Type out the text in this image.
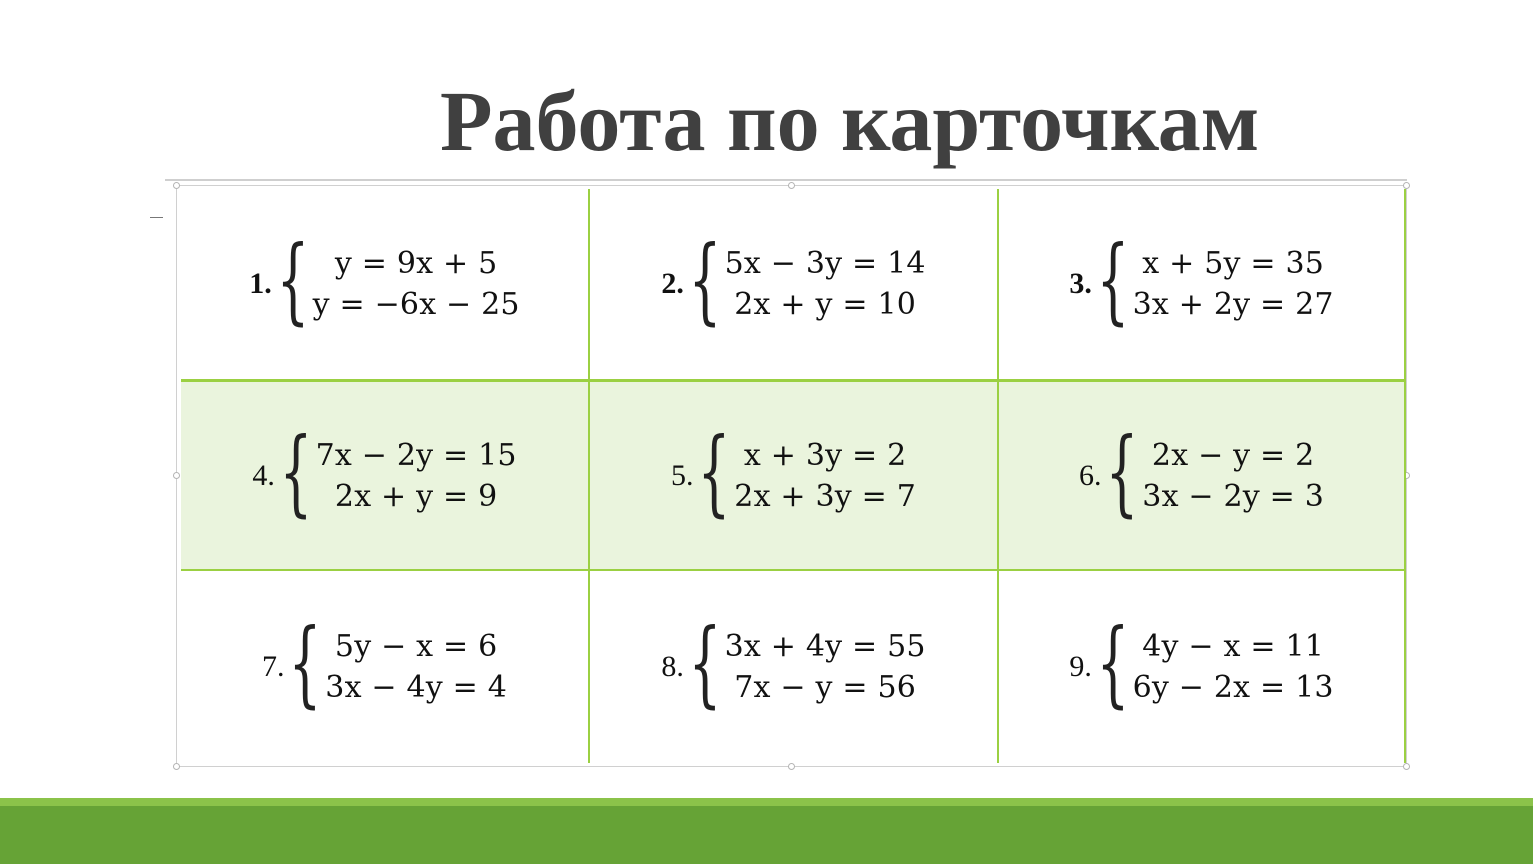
Работа по карточкам
1. { y = 9x + 5
y = −6x − 25
2. { 5x − 3y = 14
2x + y = 10
3. { x + 5y = 35
3x + 2y = 27
4. { 7x − 2y = 15
2x + y = 9
5. { x + 3y = 2
2x + 3y = 7
6. { 2x − y = 2
3x − 2y = 3
7. { 5y − x = 6
3x − 4y = 4
8. { 3x + 4y = 55
7x − y = 56
9. { 4y − x = 11
6y − 2x = 13
